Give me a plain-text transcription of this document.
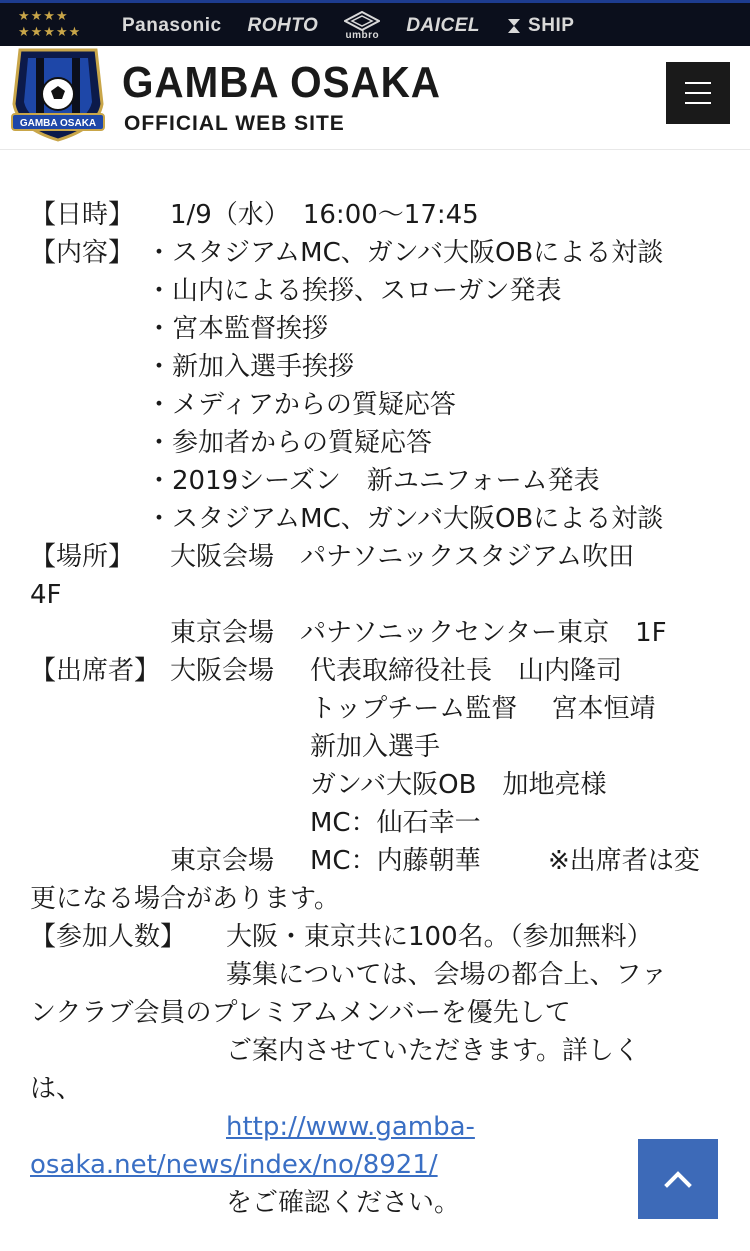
★★★★
★★★★★	Panasonic ROHTO	umbro DAICEL	SHIP
GAMBA OSAKA
OFFICIAL WEB SITE
GAMBA OSAKA
【日時】 1/9（水）　16:00～17:45
【内容】 ・スタジアムMC、ガンバ大阪OBによる対談
・山内による挨拶、スローガン発表
・宮本監督挨拶
・新加入選手挨拶
・メディアからの質疑応答
・参加者からの質疑応答
・2019シーズン　新ユニフォーム発表
・スタジアムMC、ガンバ大阪OBによる対談
【場所】 大阪会場　パナソニックスタジアム吹田
4F
東京会場　パナソニックセンター東京　1F
【出席者】 大阪会場 代表取締役社長　山内隆司
トップチーム監督　 宮本恒靖
新加入選手
ガンバ大阪OB　加地亮様
MC：仙石幸一
東京会場 MC：内藤朝華	※出席者は変
更になる場合があります。
【参加人数】 大阪・東京共に100名。（参加無料）
募集については、会場の都合上、ファ
ンクラブ会員のプレミアムメンバーを優先して
ご案内させていただきます。詳しく
は、
http://www.gamba-
osaka.net/news/index/no/8921/
をご確認ください。
